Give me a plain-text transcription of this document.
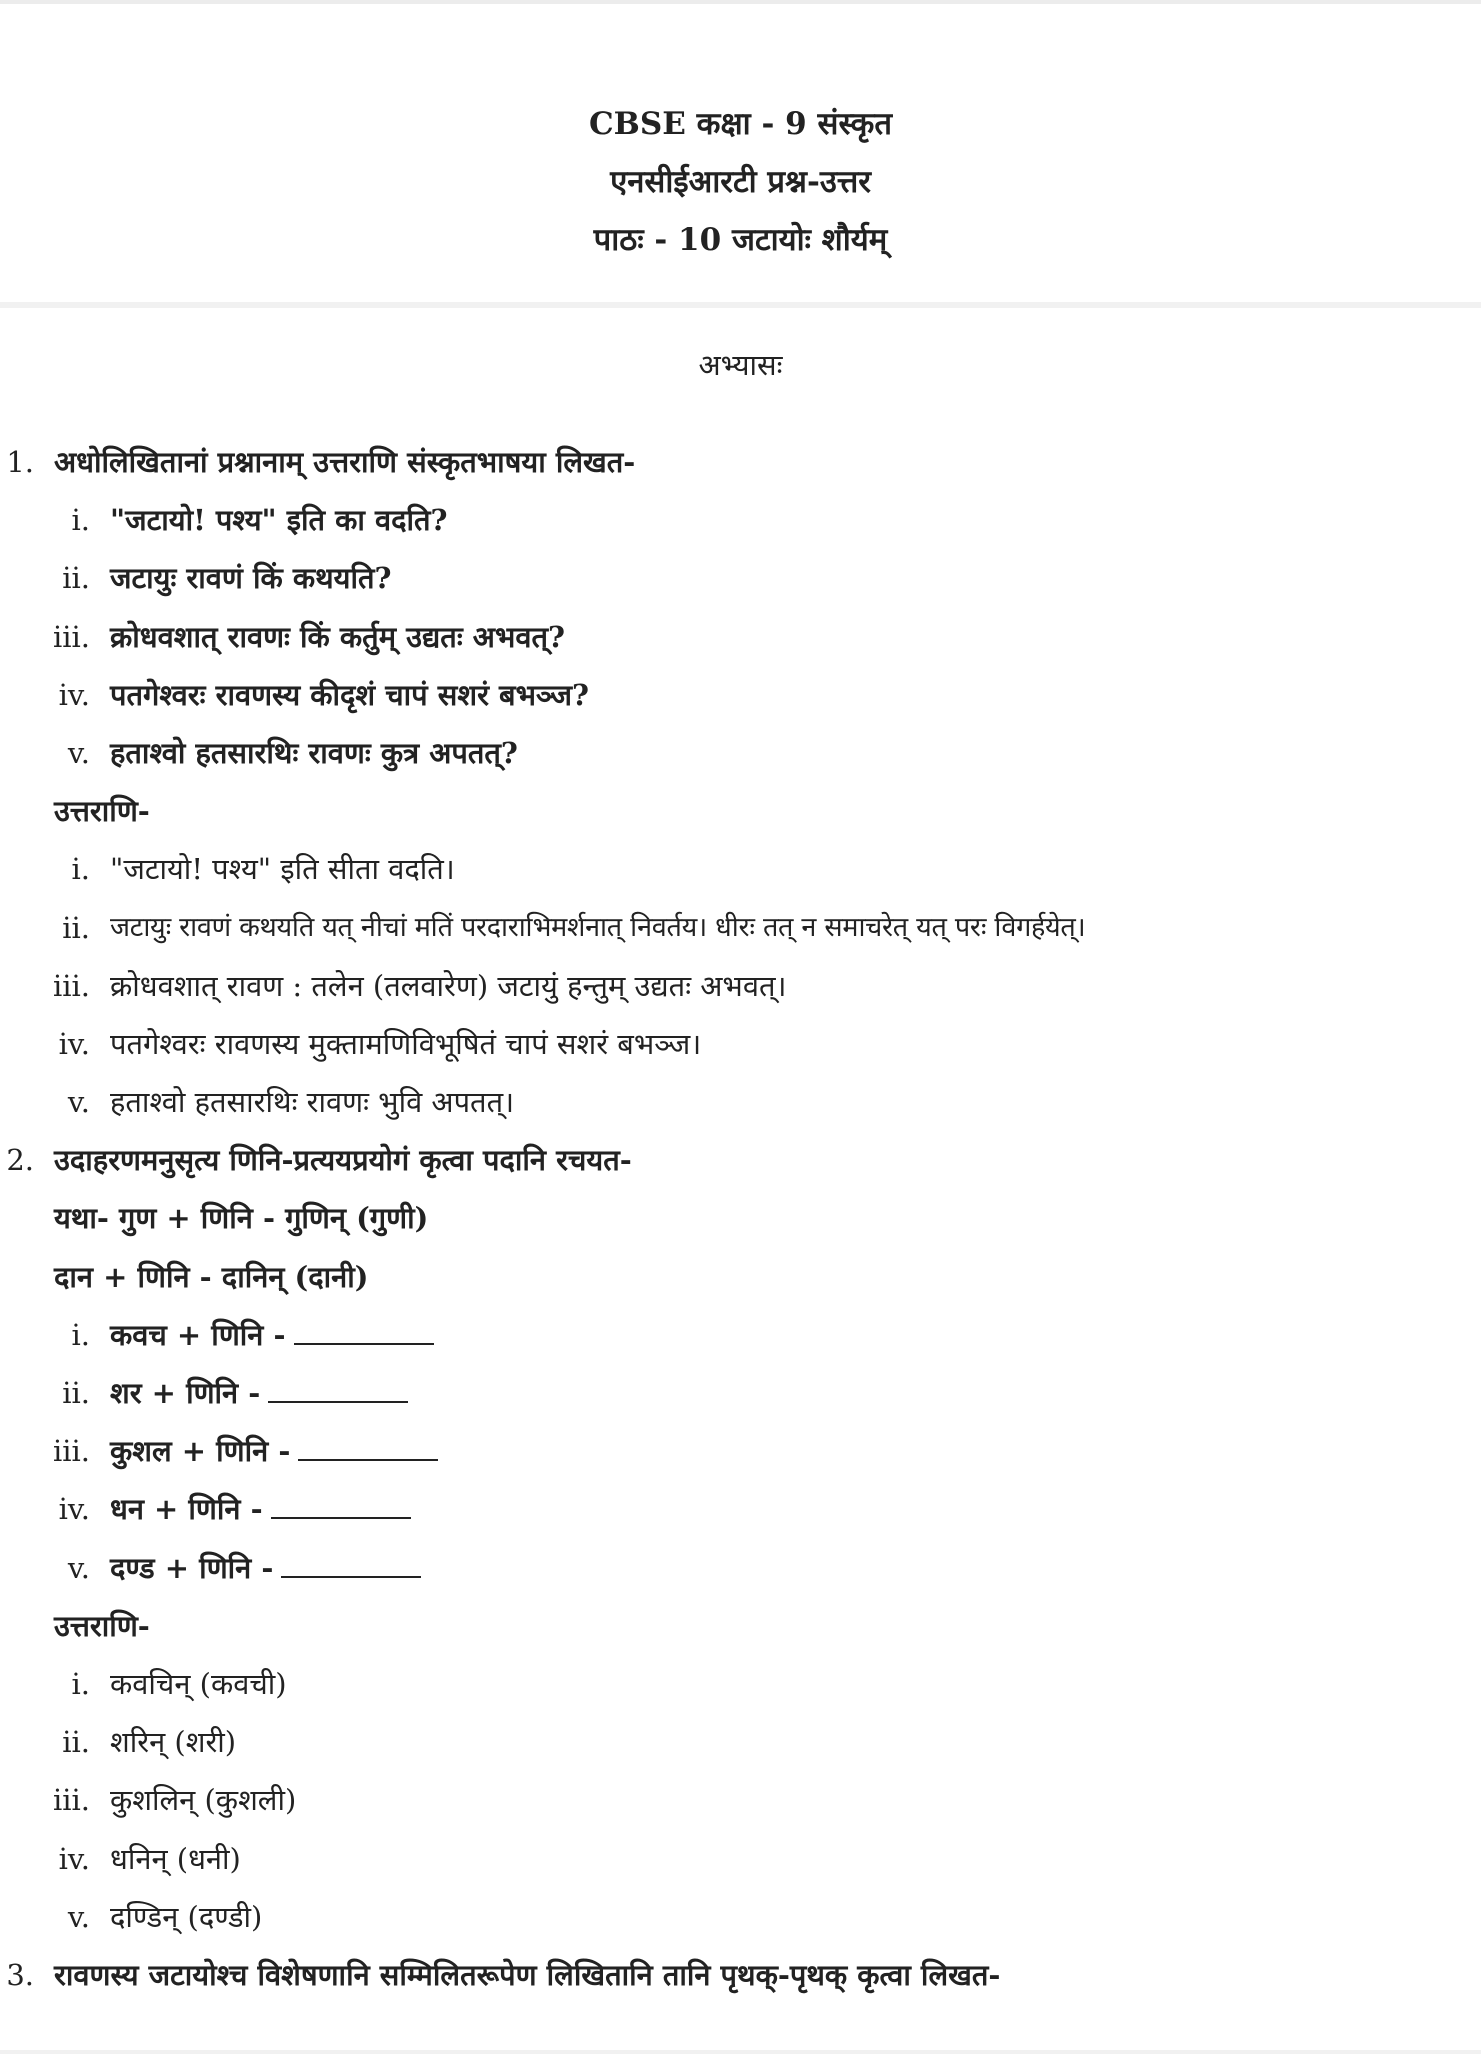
CBSE कक्षा - 9 संस्कृत
एनसीईआरटी प्रश्न-उत्तर
पाठः - 10 जटायोः शौर्यम्
अभ्यासः
1. अधोलिखितानां प्रश्नानाम् उत्तराणि संस्कृतभाषया लिखत-
i. "जटायो! पश्य" इति का वदति?
ii. जटायुः रावणं किं कथयति?
iii. क्रोधवशात् रावणः किं कर्तुम् उद्यतः अभवत्?
iv. पतगेश्वरः रावणस्य कीदृशं चापं सशरं बभञ्ज?
v. हताश्वो हतसारथिः रावणः कुत्र अपतत्?
उत्तराणि-
i. "जटायो! पश्य" इति सीता वदति।
ii. जटायुः रावणं कथयति यत् नीचां मतिं परदाराभिमर्शनात् निवर्तय। धीरः तत् न समाचरेत् यत् परः विगर्हयेत्।
iii. क्रोधवशात् रावण : तलेन (तलवारेण) जटायुं हन्तुम् उद्यतः अभवत्।
iv. पतगेश्वरः रावणस्य मुक्तामणिविभूषितं चापं सशरं बभञ्ज।
v. हताश्वो हतसारथिः रावणः भुवि अपतत्।
2. उदाहरणमनुसृत्य णिनि-प्रत्ययप्रयोगं कृत्वा पदानि रचयत-
यथा- गुण + णिनि - गुणिन् (गुणी)
दान + णिनि - दानिन् (दानी)
i. कवच + णिनि -
ii. शर + णिनि -
iii. कुशल + णिनि -
iv. धन + णिनि -
v. दण्ड + णिनि -
उत्तराणि-
i. कवचिन् (कवची)
ii. शरिन् (शरी)
iii. कुशलिन् (कुशली)
iv. धनिन् (धनी)
v. दण्डिन् (दण्डी)
3. रावणस्य जटायोश्च विशेषणानि सम्मिलितरूपेण लिखितानि तानि पृथक्-पृथक् कृत्वा लिखत-
